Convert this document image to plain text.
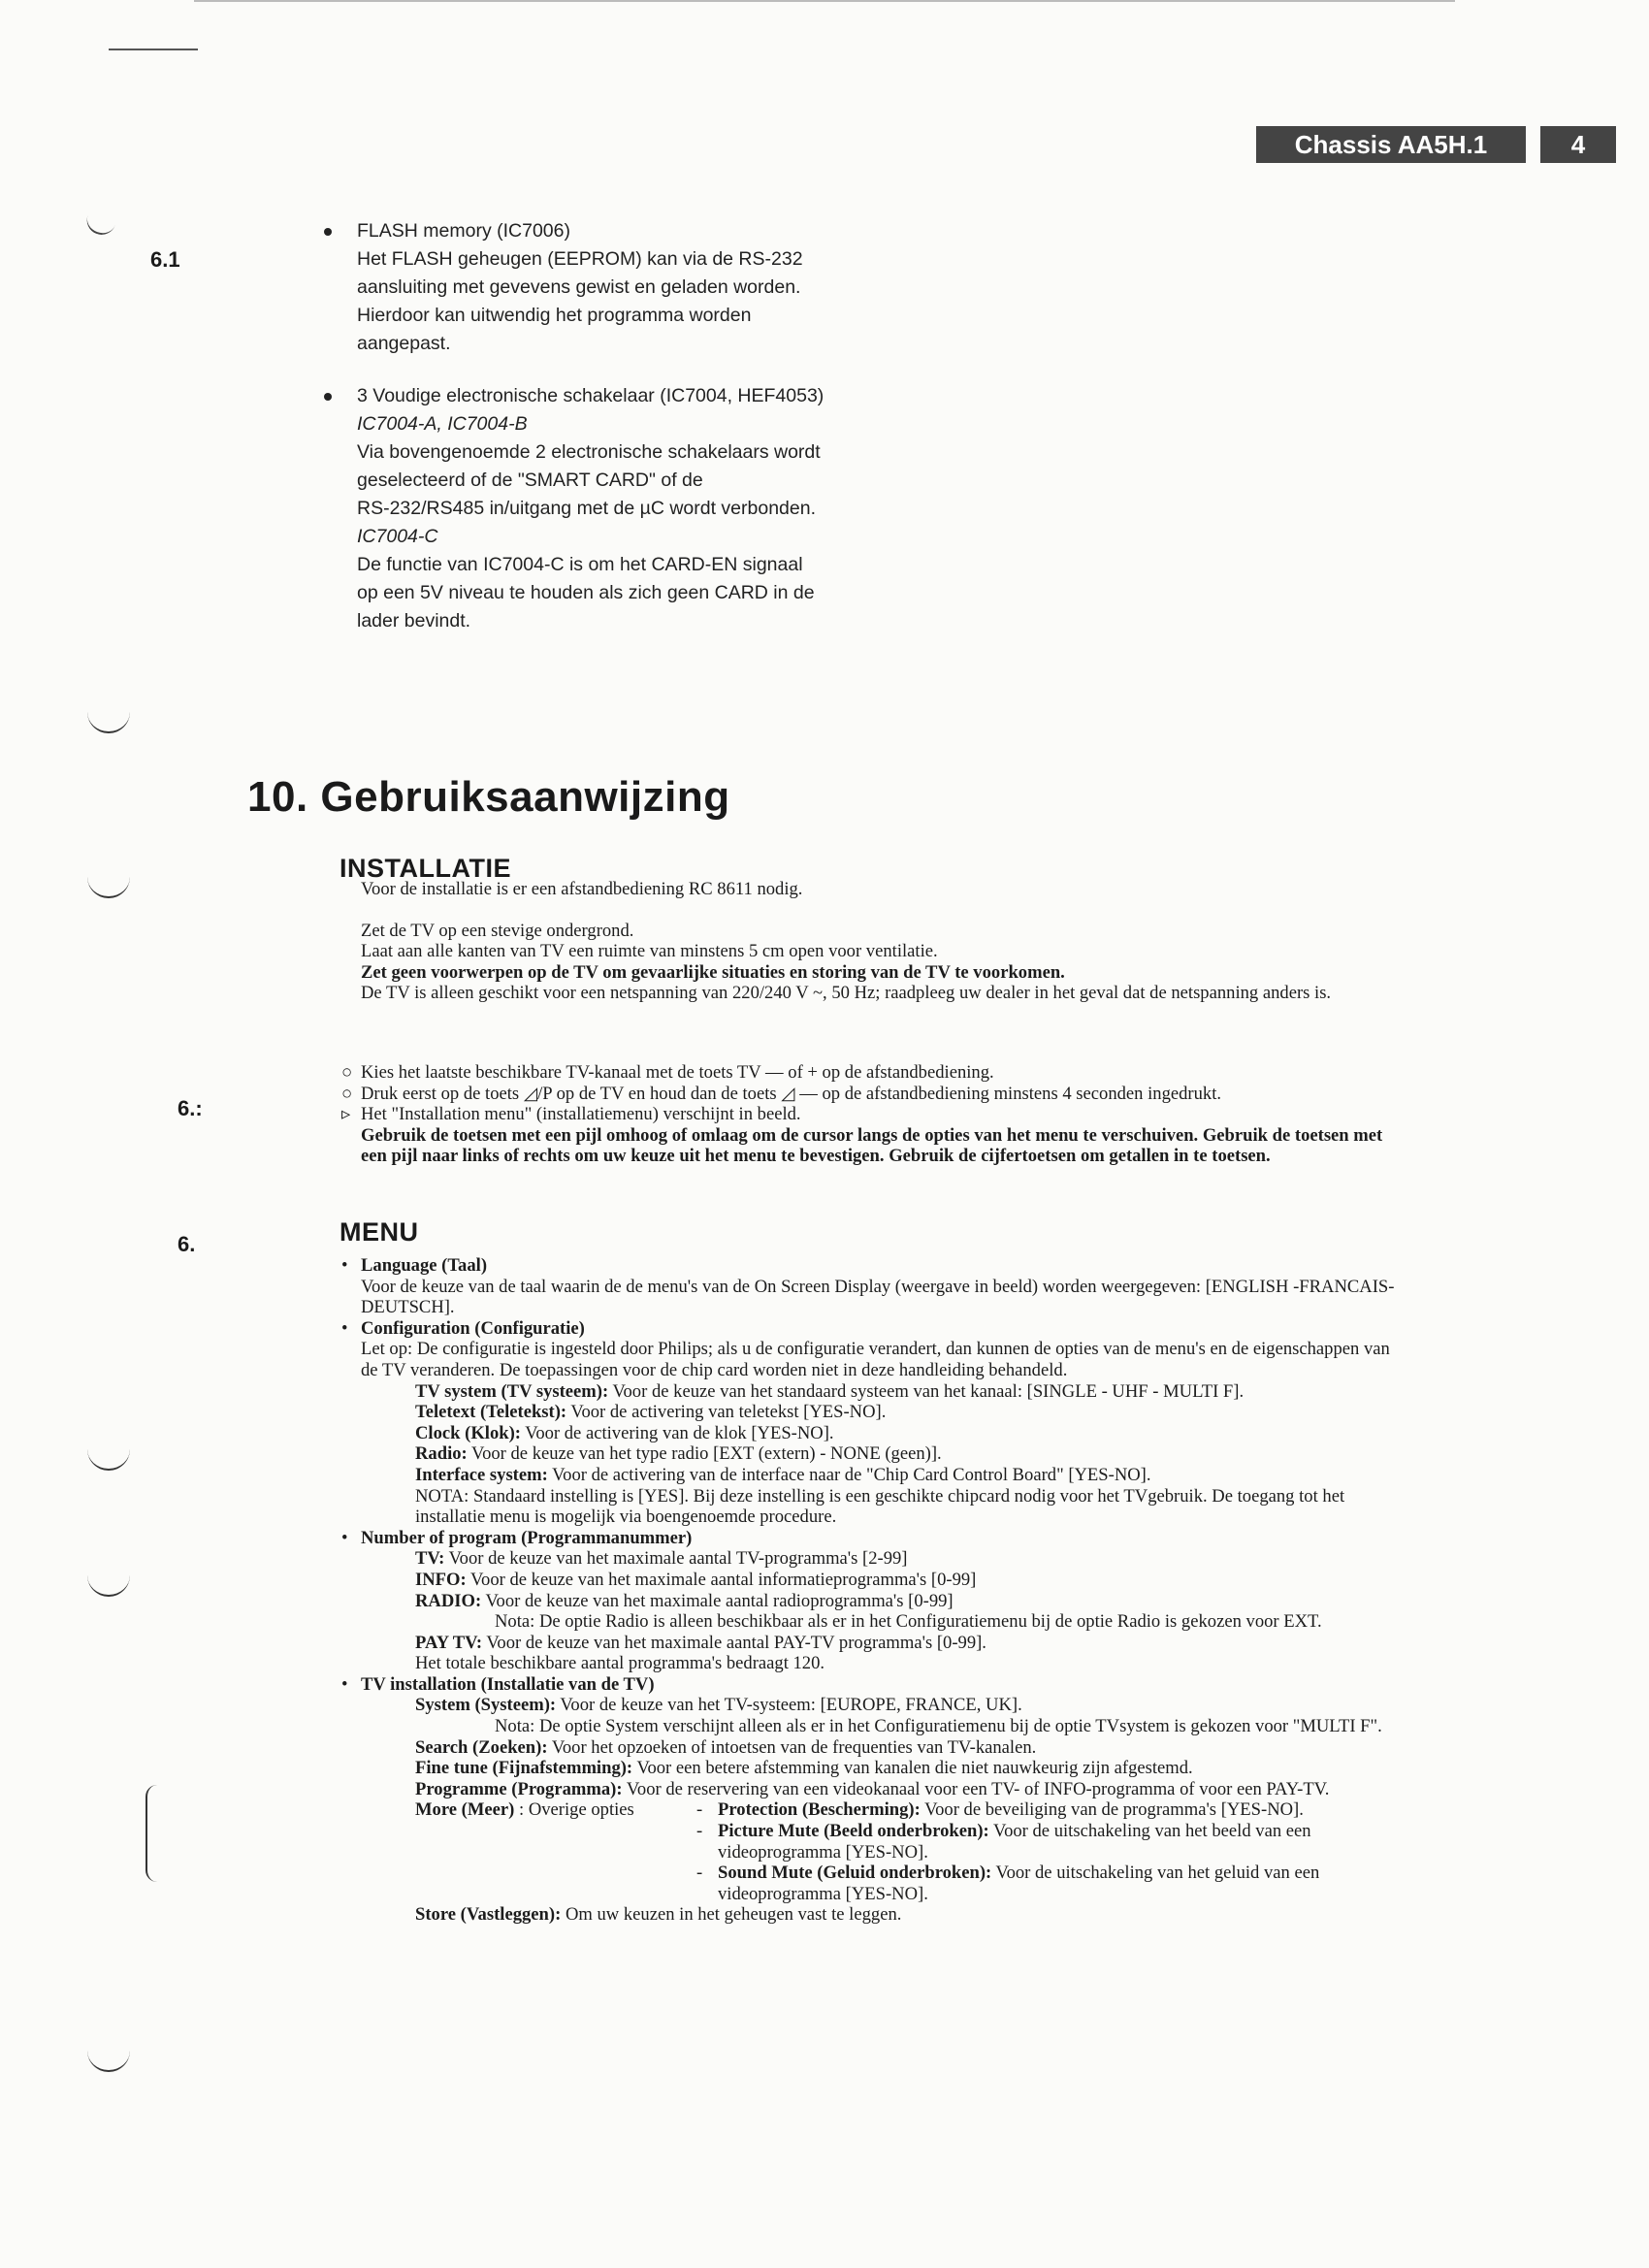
Chassis AA5H.1	4
6.1
6.:
6.
FLASH memory (IC7006)
Het FLASH geheugen (EEPROM) kan via de RS-232
aansluiting met gevevens gewist en geladen worden.
Hierdoor kan uitwendig het programma worden
aangepast.
3 Voudige electronische schakelaar (IC7004, HEF4053)
IC7004-A, IC7004-B
Via bovengenoemde 2 electronische schakelaars wordt
geselecteerd of de "SMART CARD" of de
RS-232/RS485 in/uitgang met de µC wordt verbonden.
IC7004-C
De functie van IC7004-C is om het CARD-EN signaal
op een 5V niveau te houden als zich geen CARD in de
lader bevindt.
10. Gebruiksaanwijzing
INSTALLATIE

Voor de installatie is er een afstandbediening RC 8611 nodig.

Zet de TV op een stevige ondergrond.

Laat aan alle kanten van TV een ruimte van minstens 5 cm open voor ventilatie.

Zet geen voorwerpen op de TV om gevaarlijke situaties en storing van de TV te voorkomen.

De TV is alleen geschikt voor een netspanning van 220/240 V ~, 50 Hz; raadpleeg uw dealer in het geval dat de netspanning anders is.

○ Kies het laatste beschikbare TV-kanaal met de toets TV — of + op de afstandbediening.
○ Druk eerst op de toets ◿/P op de TV en houd dan de toets ◿ — op de afstandbediening minstens 4 seconden ingedrukt.
▹ Het "Installation menu" (installatiemenu) verschijnt in beeld.
Gebruik de toetsen met een pijl omhoog of omlaag om de cursor langs de opties van het menu te verschuiven. Gebruik de toetsen met een pijl naar links of rechts om uw keuze uit het menu te bevestigen. Gebruik de cijfertoetsen om getallen in te toetsen.
MENU
• Language (Taal)
Voor de keuze van de taal waarin de de menu's van de On Screen Display (weergave in beeld) worden weergegeven: [ENGLISH -FRANCAIS-DEUTSCH].
• Configuration (Configuratie)
Let op: De configuratie is ingesteld door Philips; als u de configuratie verandert, dan kunnen de opties van de menu's en de eigenschappen van de TV veranderen. De toepassingen voor de chip card worden niet in deze handleiding behandeld.
TV system (TV systeem): Voor de keuze van het standaard systeem van het kanaal: [SINGLE - UHF - MULTI F].
Teletext (Teletekst): Voor de activering van teletekst [YES-NO].
Clock (Klok): Voor de activering van de klok [YES-NO].
Radio: Voor de keuze van het type radio [EXT (extern) - NONE (geen)].
Interface system: Voor de activering van de interface naar de "Chip Card Control Board" [YES-NO].
NOTA: Standaard instelling is [YES]. Bij deze instelling is een geschikte chipcard nodig voor het TVgebruik. De toegang tot het installatie menu is mogelijk via boengenoemde procedure.
• Number of program (Programmanummer)
TV: Voor de keuze van het maximale aantal TV-programma's [2-99]
INFO: Voor de keuze van het maximale aantal informatieprogramma's [0-99]
RADIO: Voor de keuze van het maximale aantal radioprogramma's [0-99]
Nota: De optie Radio is alleen beschikbaar als er in het Configuratiemenu bij de optie Radio is gekozen voor EXT.
PAY TV: Voor de keuze van het maximale aantal PAY-TV programma's [0-99].
Het totale beschikbare aantal programma's bedraagt 120.
• TV installation (Installatie van de TV)
System (Systeem): Voor de keuze van het TV-systeem: [EUROPE, FRANCE, UK].
Nota: De optie System verschijnt alleen als er in het Configuratiemenu bij de optie TVsystem is gekozen voor "MULTI F".
Search (Zoeken): Voor het opzoeken of intoetsen van de frequenties van TV-kanalen.
Fine tune (Fijnafstemming): Voor een betere afstemming van kanalen die niet nauwkeurig zijn afgestemd.
Programme (Programma): Voor de reservering van een videokanaal voor een TV- of INFO-programma of voor een PAY-TV.
More (Meer) : Overige opties	- Protection (Bescherming): Voor de beveiliging van de programma's [YES-NO].
- Picture Mute (Beeld onderbroken): Voor de uitschakeling van het beeld van een videoprogramma [YES-NO].
- Sound Mute (Geluid onderbroken): Voor de uitschakeling van het geluid van een videoprogramma [YES-NO].
Store (Vastleggen): Om uw keuzen in het geheugen vast te leggen.
